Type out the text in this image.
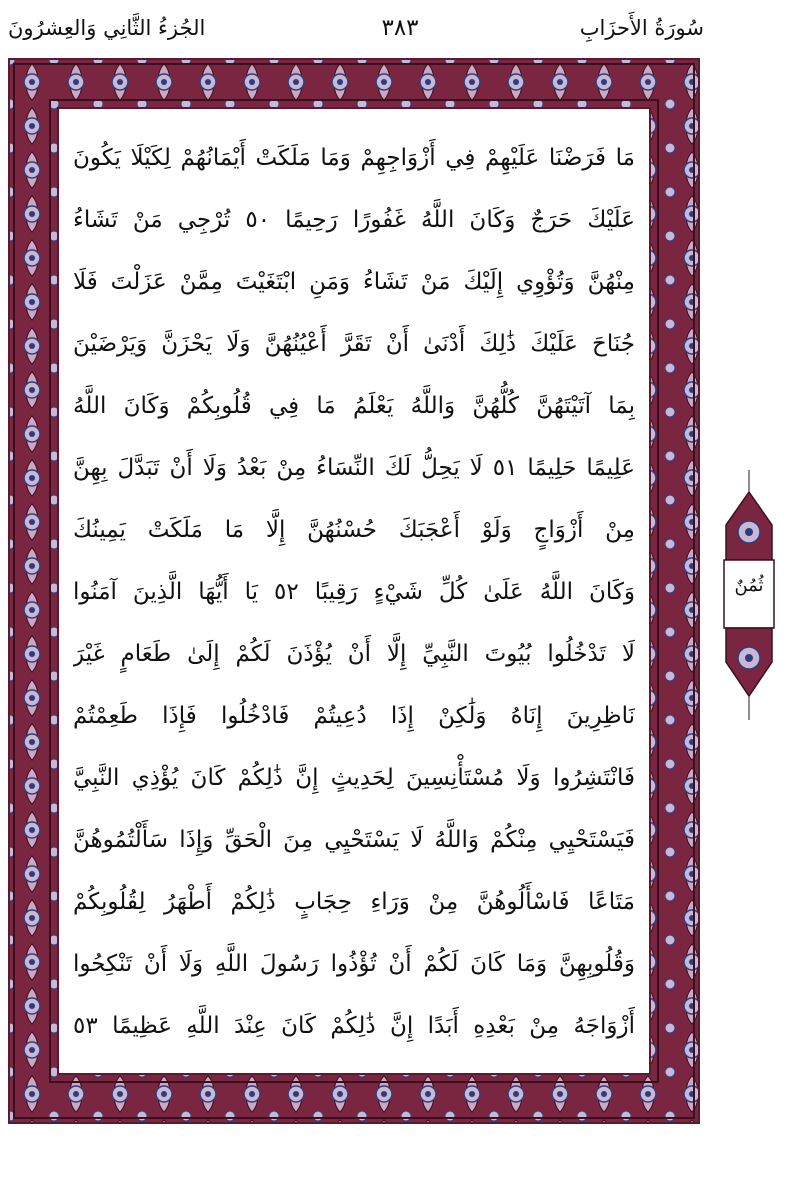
سُورَةُ الأَحزَابِ
٣٨٣
الجُزءُ الثَّانِي وَالعِشرُونَ
مَا فَرَضْنَا عَلَيْهِمْ فِي أَزْوَاجِهِمْ وَمَا مَلَكَتْ أَيْمَانُهُمْ لِكَيْلَا يَكُونَ
عَلَيْكَ حَرَجٌ وَكَانَ اللَّهُ غَفُورًا رَحِيمًا ٥٠ تُرْجِي مَنْ تَشَاءُ
مِنْهُنَّ وَتُؤْوِي إِلَيْكَ مَنْ تَشَاءُ وَمَنِ ابْتَغَيْتَ مِمَّنْ عَزَلْتَ فَلَا
جُنَاحَ عَلَيْكَ ذَٰلِكَ أَدْنَىٰ أَنْ تَقَرَّ أَعْيُنُهُنَّ وَلَا يَحْزَنَّ وَيَرْضَيْنَ
بِمَا آتَيْتَهُنَّ كُلُّهُنَّ وَاللَّهُ يَعْلَمُ مَا فِي قُلُوبِكُمْ وَكَانَ اللَّهُ
عَلِيمًا حَلِيمًا ٥١ لَا يَحِلُّ لَكَ النِّسَاءُ مِنْ بَعْدُ وَلَا أَنْ تَبَدَّلَ بِهِنَّ
مِنْ أَزْوَاجٍ وَلَوْ أَعْجَبَكَ حُسْنُهُنَّ إِلَّا مَا مَلَكَتْ يَمِينُكَ
وَكَانَ اللَّهُ عَلَىٰ كُلِّ شَيْءٍ رَقِيبًا ٥٢ يَا أَيُّهَا الَّذِينَ آمَنُوا
لَا تَدْخُلُوا بُيُوتَ النَّبِيِّ إِلَّا أَنْ يُؤْذَنَ لَكُمْ إِلَىٰ طَعَامٍ غَيْرَ
نَاظِرِينَ إِنَاهُ وَلَٰكِنْ إِذَا دُعِيتُمْ فَادْخُلُوا فَإِذَا طَعِمْتُمْ
فَانْتَشِرُوا وَلَا مُسْتَأْنِسِينَ لِحَدِيثٍ إِنَّ ذَٰلِكُمْ كَانَ يُؤْذِي النَّبِيَّ
فَيَسْتَحْيِي مِنْكُمْ وَاللَّهُ لَا يَسْتَحْيِي مِنَ الْحَقِّ وَإِذَا سَأَلْتُمُوهُنَّ
مَتَاعًا فَاسْأَلُوهُنَّ مِنْ وَرَاءِ حِجَابٍ ذَٰلِكُمْ أَطْهَرُ لِقُلُوبِكُمْ
وَقُلُوبِهِنَّ وَمَا كَانَ لَكُمْ أَنْ تُؤْذُوا رَسُولَ اللَّهِ وَلَا أَنْ تَنْكِحُوا
أَزْوَاجَهُ مِنْ بَعْدِهِ أَبَدًا إِنَّ ذَٰلِكُمْ كَانَ عِنْدَ اللَّهِ عَظِيمًا ٥٣
ثُمُنٌ
